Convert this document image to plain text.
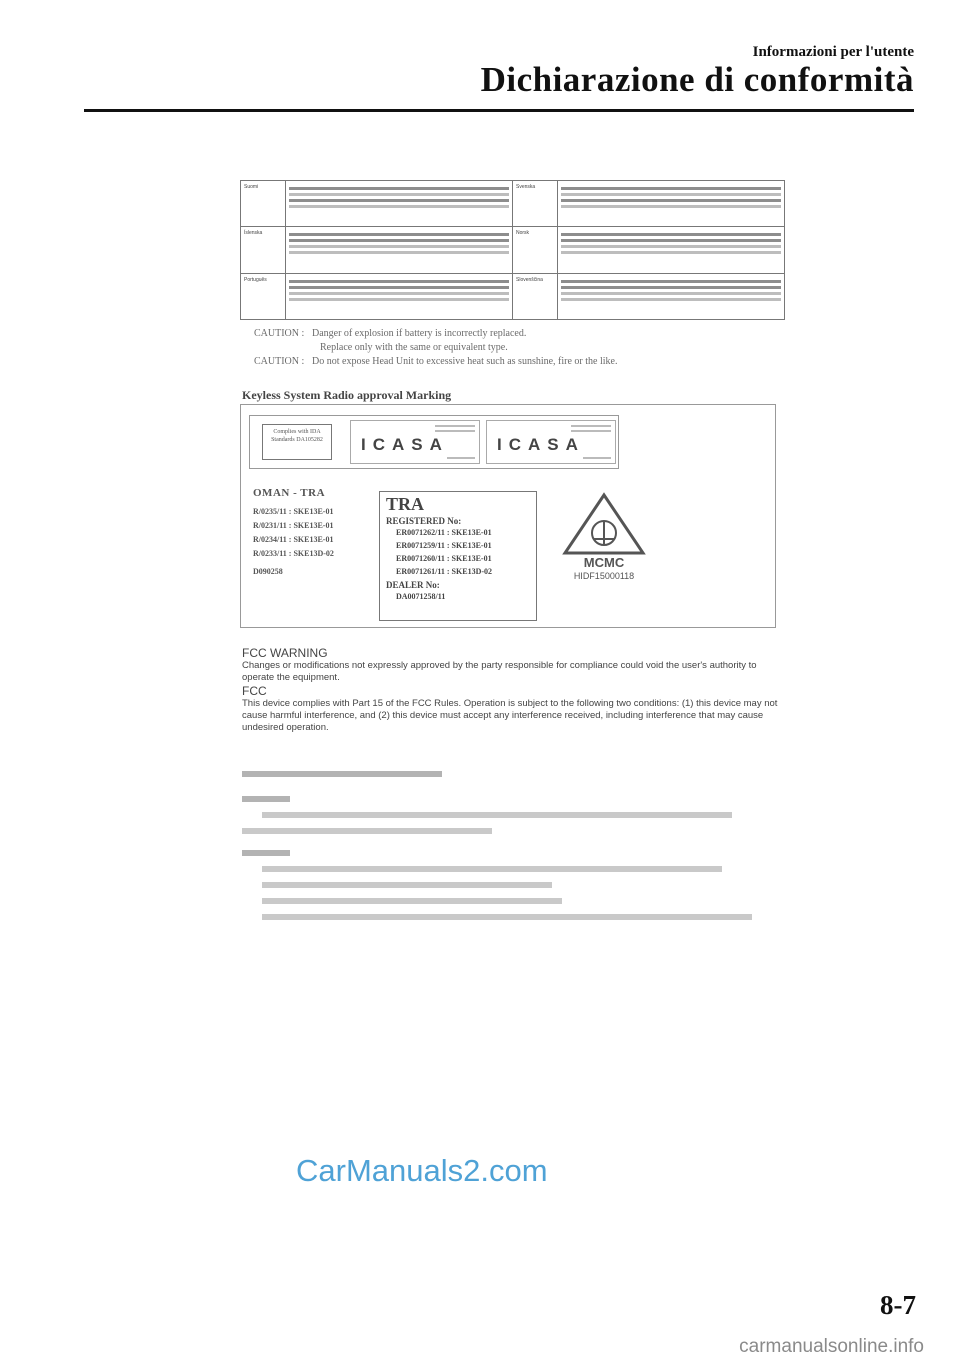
Informazioni per l'utente
Dichiarazione di conformità
Suomi		Svenska	

Íslenska		Norsk	

Português		Slovenščina	
CAUTION : Danger of explosion if battery is incorrectly replaced.
Replace only with the same or equivalent type.
CAUTION : Do not expose Head Unit to excessive heat such as sunshine, fire or the like.
Keyless System Radio approval Marking
Complies with IDA Standards DA105282	ICASA	ICASA
OMAN - TRA
R/0235/11 : SKE13E-01
R/0231/11 : SKE13E-01
R/0234/11 : SKE13E-01
R/0233/11 : SKE13D-02
D090258
TRA
REGISTERED No:
ER0071262/11 : SKE13E-01
ER0071259/11 : SKE13E-01
ER0071260/11 : SKE13E-01
ER0071261/11 : SKE13D-02
DEALER No:
DA0071258/11
MCMC
HIDF15000118
FCC WARNING
Changes or modifications not expressly approved by the party responsible for compliance could void the user's authority to operate the equipment.
FCC
This device complies with Part 15 of the FCC Rules. Operation is subject to the following two conditions: (1) this device may not cause harmful interference, and (2) this device must accept any interference received, including interference that may cause undesired operation.
CarManuals2.com
8-7
carmanualsonline.info
